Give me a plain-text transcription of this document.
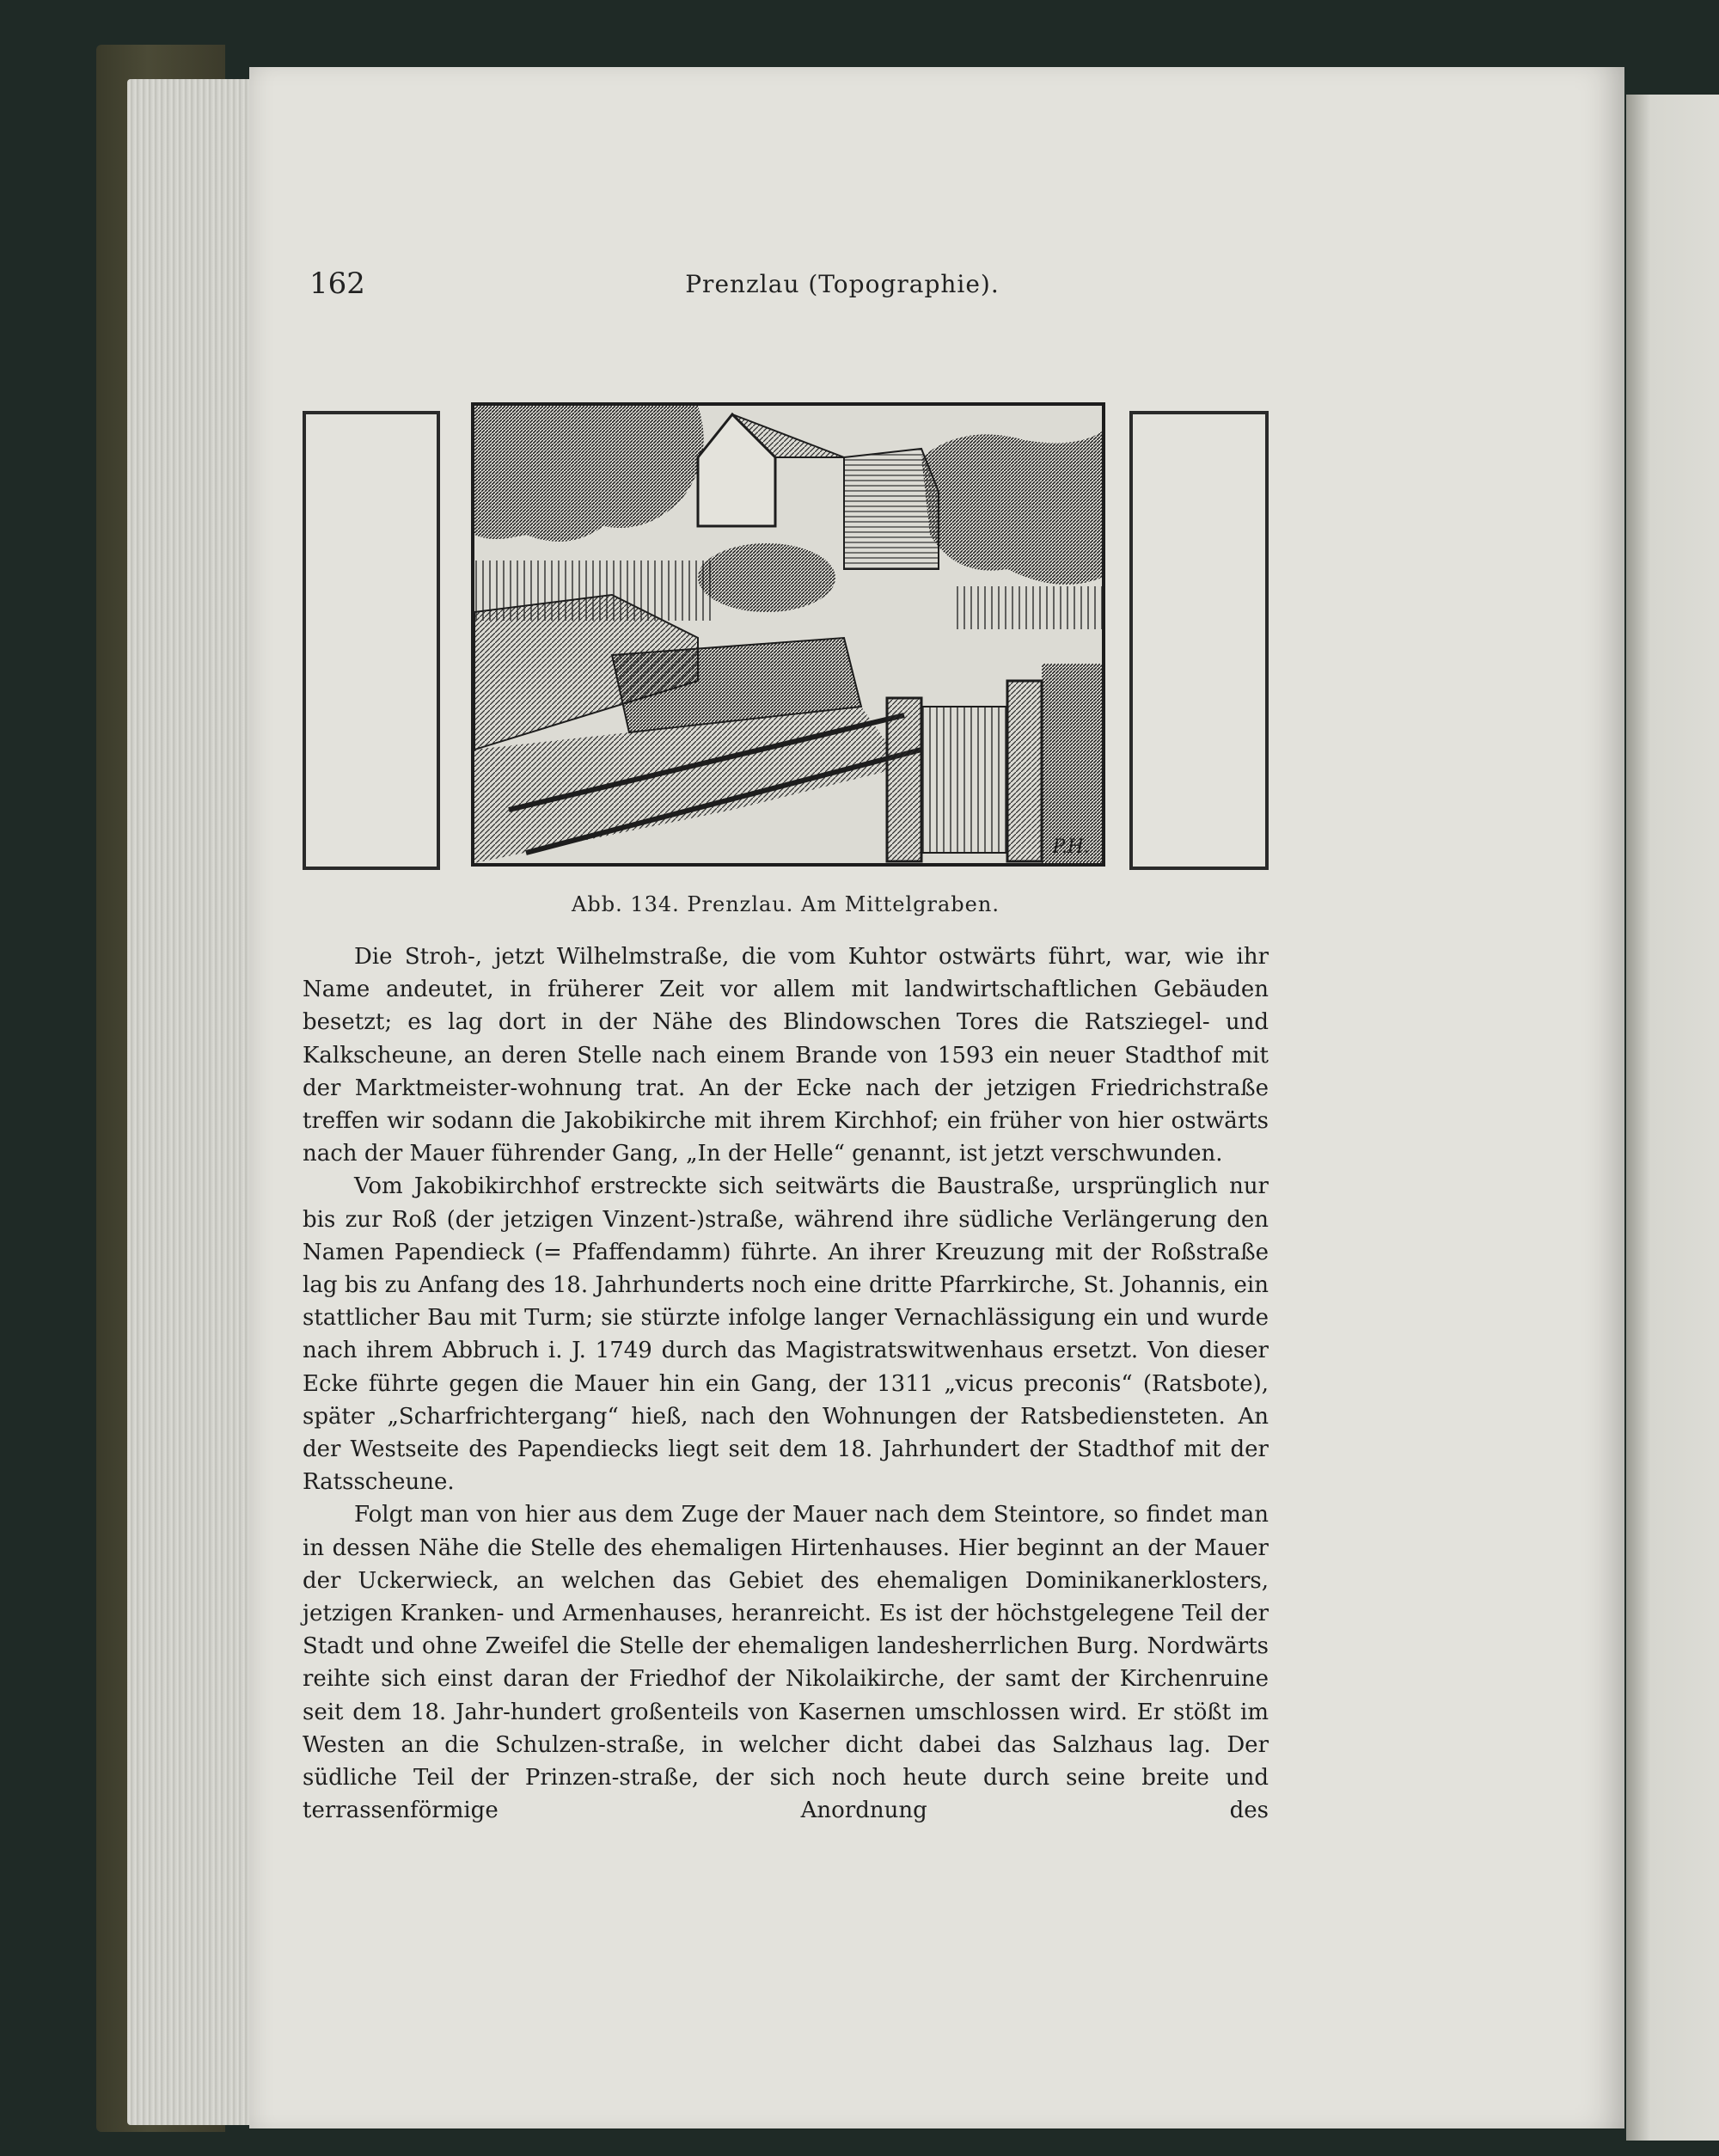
162	Prenzlau (Topographie).
P.H.
Abb. 134. Prenzlau. Am Mittelgraben.

Die Stroh-, jetzt Wilhelmstraße, die vom Kuhtor ostwärts führt, war, wie ihr Name andeutet, in früherer Zeit vor allem mit landwirtschaftlichen Gebäuden besetzt; es lag dort in der Nähe des Blindowschen Tores die Ratsziegel- und Kalkscheune, an deren Stelle nach einem Brande von 1593 ein neuer Stadthof mit der Marktmeister-wohnung trat. An der Ecke nach der jetzigen Friedrichstraße treffen wir sodann die Jakobikirche mit ihrem Kirchhof; ein früher von hier ostwärts nach der Mauer führender Gang, „In der Helle“ genannt, ist jetzt verschwunden.

Vom Jakobikirchhof erstreckte sich seitwärts die Baustraße, ursprünglich nur bis zur Roß (der jetzigen Vinzent-)straße, während ihre südliche Verlängerung den Namen Papendieck (= Pfaffendamm) führte. An ihrer Kreuzung mit der Roßstraße lag bis zu Anfang des 18. Jahrhunderts noch eine dritte Pfarrkirche, St. Johannis, ein stattlicher Bau mit Turm; sie stürzte infolge langer Vernachlässigung ein und wurde nach ihrem Abbruch i. J. 1749 durch das Magistratswitwenhaus ersetzt. Von dieser Ecke führte gegen die Mauer hin ein Gang, der 1311 „vicus preconis“ (Ratsbote), später „Scharfrichtergang“ hieß, nach den Wohnungen der Ratsbediensteten. An der Westseite des Papendiecks liegt seit dem 18. Jahrhundert der Stadthof mit der Ratsscheune.

Folgt man von hier aus dem Zuge der Mauer nach dem Steintore, so findet man in dessen Nähe die Stelle des ehemaligen Hirtenhauses. Hier beginnt an der Mauer der Uckerwieck, an welchen das Gebiet des ehemaligen Dominikanerklosters, jetzigen Kranken- und Armenhauses, heranreicht. Es ist der höchstgelegene Teil der Stadt und ohne Zweifel die Stelle der ehemaligen landesherrlichen Burg. Nordwärts reihte sich einst daran der Friedhof der Nikolaikirche, der samt der Kirchenruine seit dem 18. Jahr-hundert großenteils von Kasernen umschlossen wird. Er stößt im Westen an die Schulzen-straße, in welcher dicht dabei das Salzhaus lag. Der südliche Teil der Prinzen-straße, der sich noch heute durch seine breite und terrassenförmige Anordnung des
